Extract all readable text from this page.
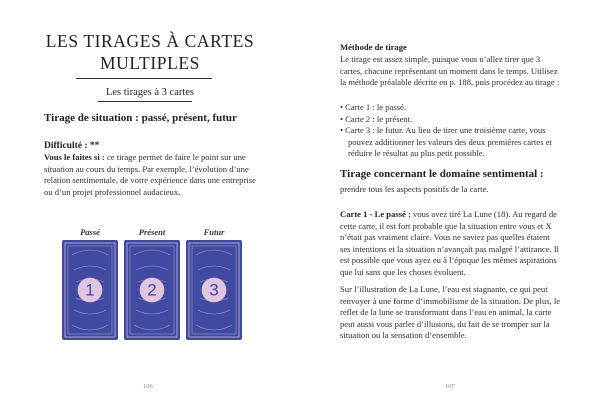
LES TIRAGES À CARTES
MULTIPLES
Les tirages à 3 cartes
Tirage de situation : passé, présent, futur
Difficulté : **
Vous le faites si : ce tirage permet de faire le point sur une situation au cours du temps. Par exemple, l’évolution d’une relation sentimentale, de votre expérience dans une entreprise ou d’un projet professionnel audacieux.
Passé	Présent	Futur
1	2	3
106
Méthode de tirage
Le tirage est assez simple, puisque vous n’allez tirer que 3 cartes, chacune représentant un moment dans le temps. Utilisez la méthode préalable décrite en p. 188, puis procédez au tirage :
• Carte 1 : le passé.
• Carte 2 : le présent.
• Carte 3 : le futur. Au lieu de tirer une troisième carte, vous pouvez additionner les valeurs des deux premières cartes et réduire le résultat au plus petit possible.
Tirage concernant le domaine sentimental :
prendre tous les aspects positifs de la carte.
Carte 1 - Le passé : vous avez tiré La Lune (18). Au regard de cette carte, il est fort probable que la situation entre vous et X n’était pas vraiment claire. Vous ne saviez pas quelles étaient ses intentions et la situation n’avançait pas malgré l’attirance. Il est possible que vous ayez eu à l’époque les mêmes aspirations que lui sans que les choses évoluent.
Sur l’illustration de La Lune, l’eau est stagnante, ce qui peut renvoyer à une forme d’immobilisme de la situation. De plus, le reflet de la lune se transformant dans l’eau en animal, la carte peut aussi vous parler d’illusions, du fait de se tromper sur la situation ou la sensation d’ensemble.
107
